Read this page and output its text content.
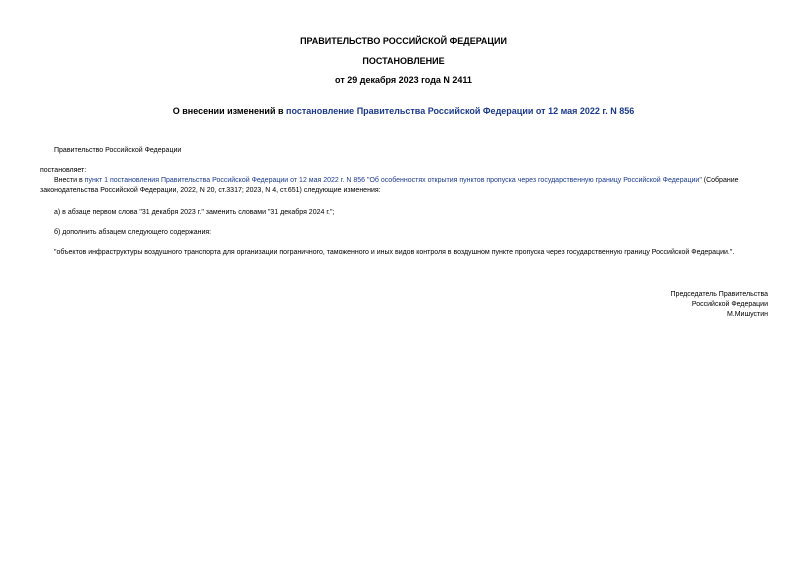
ПРАВИТЕЛЬСТВО РОССИЙСКОЙ ФЕДЕРАЦИИ
ПОСТАНОВЛЕНИЕ
от 29 декабря 2023 года N 2411
О внесении изменений в постановление Правительства Российской Федерации от 12 мая 2022 г. N 856
Правительство Российской Федерации
постановляет:
Внести в пункт 1 постановления Правительства Российской Федерации от 12 мая 2022 г. N 856 "Об особенностях открытия пунктов пропуска через государственную границу Российской Федерации" (Собрание законодательства Российской Федерации, 2022, N 20, ст.3317; 2023, N 4, ст.651) следующие изменения:
а) в абзаце первом слова "31 декабря 2023 г." заменить словами "31 декабря 2024 г.";
б) дополнить абзацем следующего содержания:
"объектов инфраструктуры воздушного транспорта для организации пограничного, таможенного и иных видов контроля в воздушном пункте пропуска через государственную границу Российской Федерации.".
Председатель Правительства
Российской Федерации
М.Мишустин
